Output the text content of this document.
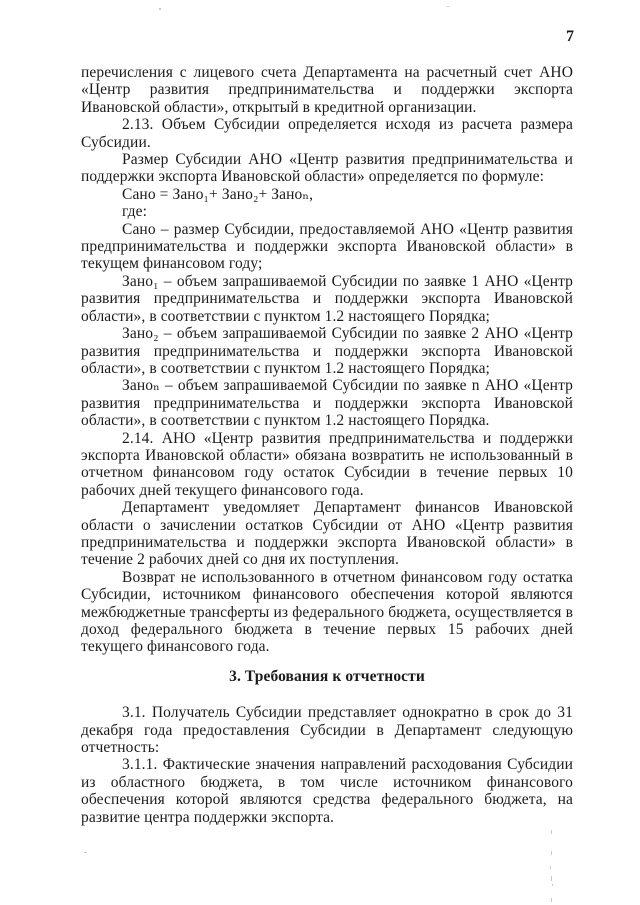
7

перечисления с лицевого счета Департамента на расчетный счет АНО «Центр развития предпринимательства и поддержки экспорта Ивановской области», открытый в кредитной организации.

2.13. Объем Субсидии определяется исходя из расчета размера Субсидии.

Размер Субсидии АНО «Центр развития предпринимательства и поддержки экспорта Ивановской области» определяется по формуле:

Сано = Зано₁+ Зано₂+ Заноₙ,

где:

Сано – размер Субсидии, предоставляемой АНО «Центр развития предпринимательства и поддержки экспорта Ивановской области» в текущем финансовом году;

Зано₁ – объем запрашиваемой Субсидии по заявке 1 АНО «Центр развития предпринимательства и поддержки экспорта Ивановской области», в соответствии с пунктом 1.2 настоящего Порядка;

Зано₂ – объем запрашиваемой Субсидии по заявке 2 АНО «Центр развития предпринимательства и поддержки экспорта Ивановской области», в соответствии с пунктом 1.2 настоящего Порядка;

Заноₙ – объем запрашиваемой Субсидии по заявке n АНО «Центр развития предпринимательства и поддержки экспорта Ивановской области», в соответствии с пунктом 1.2 настоящего Порядка.

2.14. АНО «Центр развития предпринимательства и поддержки экспорта Ивановской области» обязана возвратить не использованный в отчетном финансовом году остаток Субсидии в течение первых 10 рабочих дней текущего финансового года.

Департамент уведомляет Департамент финансов Ивановской области о зачислении остатков Субсидии от АНО «Центр развития предпринимательства и поддержки экспорта Ивановской области» в течение 2 рабочих дней со дня их поступления.

Возврат не использованного в отчетном финансовом году остатка Субсидии, источником финансового обеспечения которой являются межбюджетные трансферты из федерального бюджета, осуществляется в доход федерального бюджета в течение первых 15 рабочих дней текущего финансового года.

3. Требования к отчетности

3.1. Получатель Субсидии представляет однократно в срок до 31 декабря года предоставления Субсидии в Департамент следующую отчетность:

3.1.1. Фактические значения направлений расходования Субсидии из областного бюджета, в том числе источником финансового обеспечения которой являются средства федерального бюджета, на развитие центра поддержки экспорта.
